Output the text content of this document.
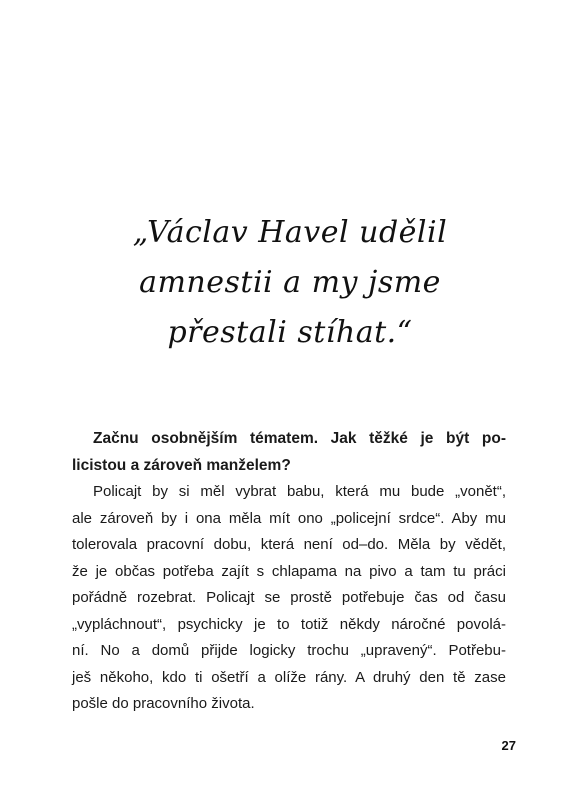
„Václav Havel udělil
amnestii a my jsme
přestali stíhat.“
Začnu osobnějším tématem. Jak těžké je být po-
licistou a zároveň manželem?
Policajt by si měl vybrat babu, která mu bude „vonět“,
ale zároveň by i ona měla mít ono „policejní srdce“. Aby mu
tolerovala pracovní dobu, která není od–do. Měla by vědět,
že je občas potřeba zajít s chlapama na pivo a tam tu práci
pořádně rozebrat. Policajt se prostě potřebuje čas od času
„vypláchnout“, psychicky je to totiž někdy náročné povolá-
ní. No a domů přijde logicky trochu „upravený“. Potřebu-
ješ někoho, kdo ti ošetří a olíže rány. A druhý den tě zase
pošle do pracovního života.
27
